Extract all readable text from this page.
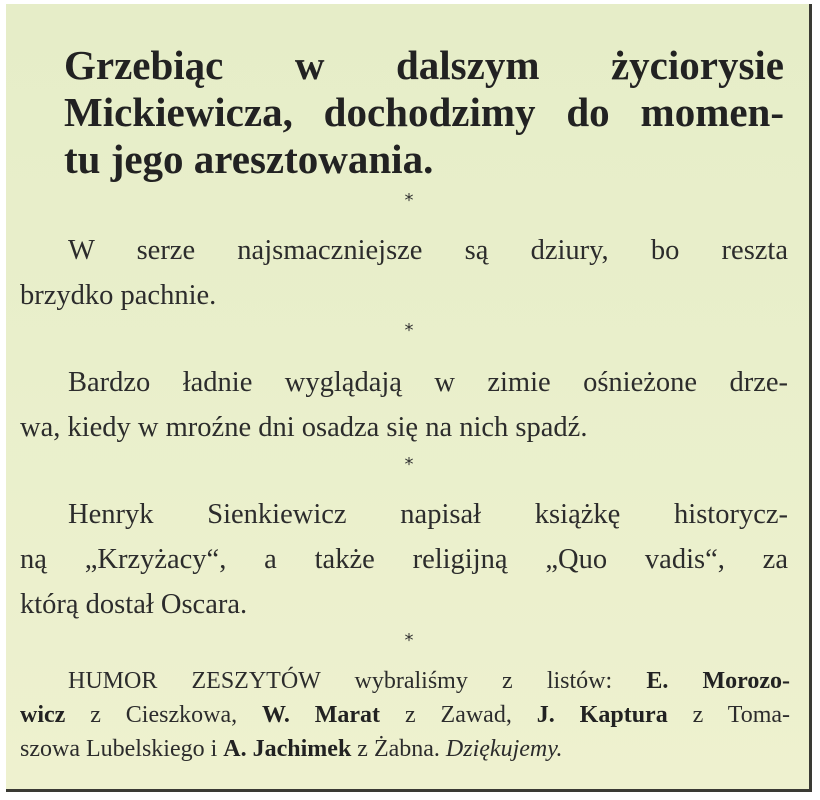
Grzebiąc w dalszym życiorysie
Mickiewicza, dochodzimy do momen-
tu jego aresztowania.
*

W serze najsmaczniejsze są dziury, bo reszta
brzydko pachnie.

*

Bardzo ładnie wyglądają w zimie ośnieżone drze-
wa, kiedy w mroźne dni osadza się na nich spadź.

*

Henryk Sienkiewicz napisał książkę historycz-
ną „Krzyżacy“, a także religijną „Quo vadis“, za
którą dostał Oscara.

*

HUMOR ZESZYTÓW wybraliśmy z listów: E. Morozo-
wicz z Cieszkowa, W. Marat z Zawad, J. Kaptura z Toma-
szowa Lubelskiego i A. Jachimek z Żabna. Dziękujemy.
